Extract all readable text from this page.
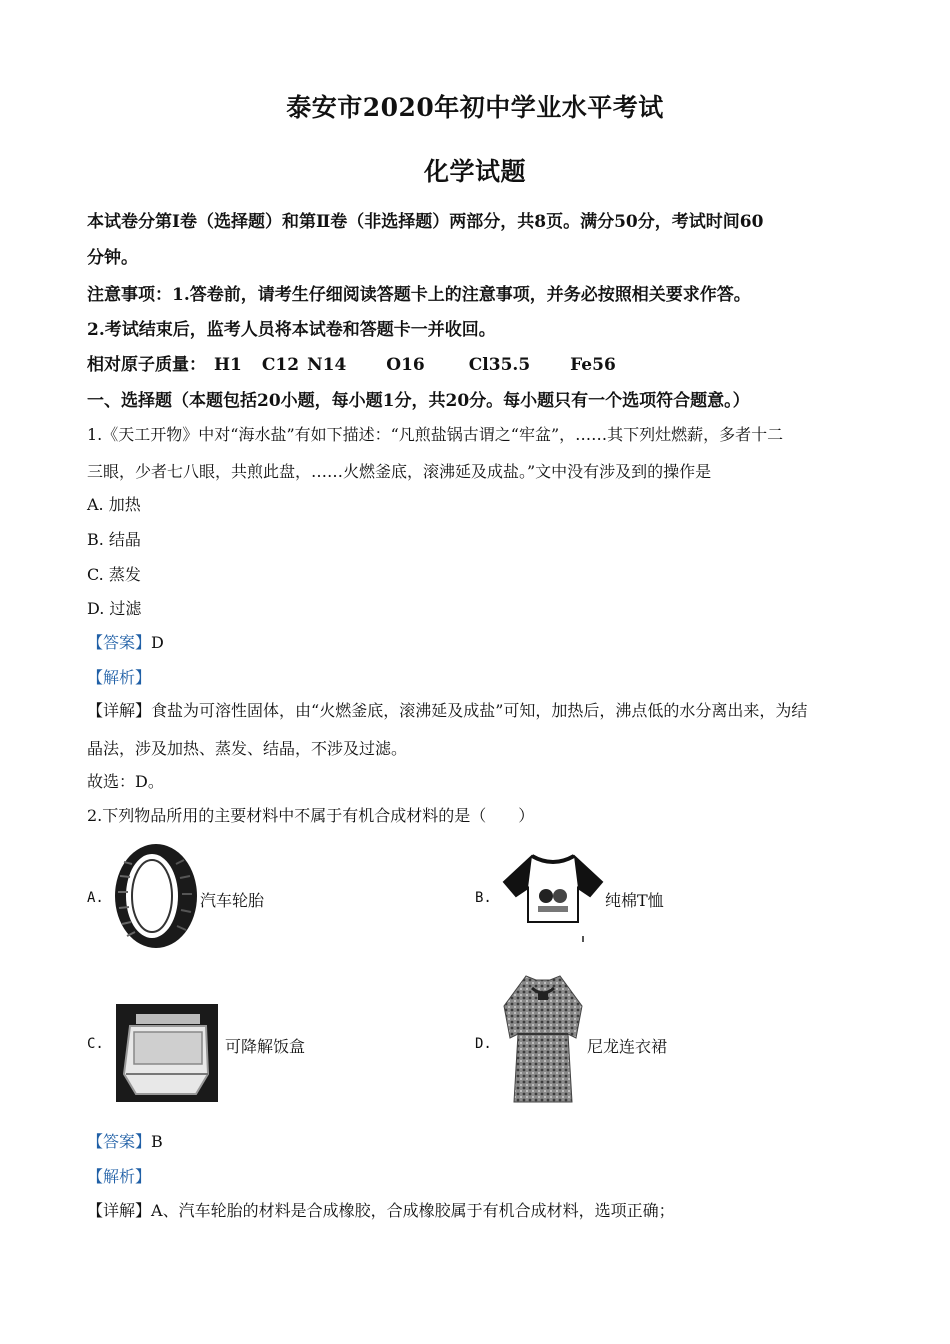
泰安市2020年初中学业水平考试
化学试题
本试卷分第Ⅰ卷（选择题）和第Ⅱ卷（非选择题）两部分，共8页。满分50分，考试时间60
分钟。
注意事项：1.答卷前，请考生仔细阅读答题卡上的注意事项，并务必按照相关要求作答。
2.考试结束后，监考人员将本试卷和答题卡一并收回。
相对原子质量： H1 C12 N14 O16	Cl35.5 Fe56
一、选择题（本题包括20小题，每小题1分，共20分。每小题只有一个选项符合题意。）
1.《天工开物》中对“海水盐”有如下描述：“凡煎盐锅古谓之“牢盆”，……其下列灶燃薪，多者十二
三眼，少者七八眼，共煎此盘，……火燃釜底，滚沸延及成盐。”文中没有涉及到的操作是
A. 加热
B. 结晶
C. 蒸发
D. 过滤
【答案】D
【解析】
【详解】食盐为可溶性固体，由“火燃釜底，滚沸延及成盐”可知，加热后，沸点低的水分离出来，为结
晶法，涉及加热、蒸发、结晶，不涉及过滤。
故选：D。
2.下列物品所用的主要材料中不属于有机合成材料的是（　　）
A.	汽车轮胎	B.	纯棉T恤
C.	可降解饭盒	D.	尼龙连衣裙
【答案】B
【解析】
【详解】A、汽车轮胎的材料是合成橡胶，合成橡胶属于有机合成材料，选项正确；
